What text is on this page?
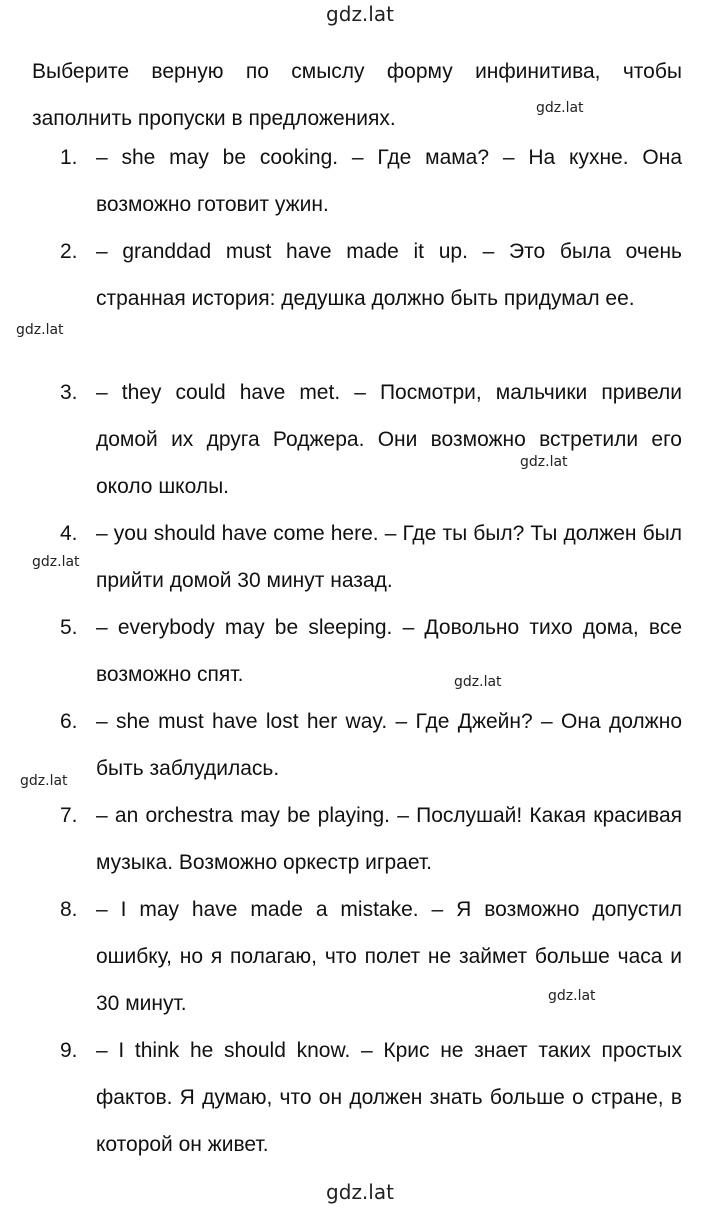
gdz.lat
Выберите верную по смыслу форму инфинитива, чтобы заполнить пропуски в предложениях.	gdz.lat
1. – she may be cooking. – Где мама? – На кухне. Она возможно готовит ужин.
2. – granddad must have made it up. – Это была очень странная история: дедушка должно быть придумал ее.
gdz.lat
3. – they could have met. – Посмотри, мальчики привели домой их друга Роджера. Они возможно встретили его около школы.
gdz.lat
4. – you should have come here. – Где ты был? Ты должен был прийти домой 30 минут назад.
gdz.lat
5. – everybody may be sleeping. – Довольно тихо дома, все возможно спят.	gdz.lat
6. – she must have lost her way. – Где Джейн? – Она должно быть заблудилась.
gdz.lat
7. – an orchestra may be playing. – Послушай! Какая красивая музыка. Возможно оркестр играет.
8. – I may have made a mistake. – Я возможно допустил ошибку, но я полагаю, что полет не займет больше часа и 30 минут.	gdz.lat
9. – I think he should know. – Крис не знает таких простых фактов. Я думаю, что он должен знать больше о стране, в которой он живет.
gdz.lat
